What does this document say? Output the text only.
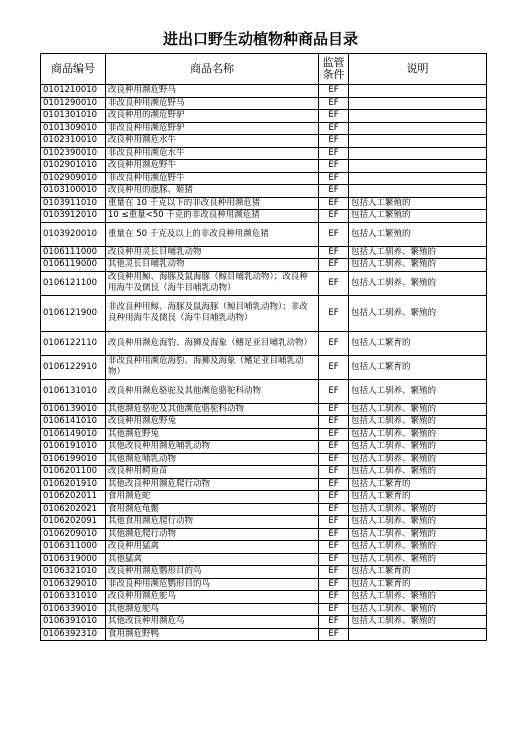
进出口野生动植物种商品目录
商品编号	商品名称	监管条件	说明
0101210010	改良种用濒危野马	EF	
0101290010	非改良种用濒危野马	EF	
0101301010	改良种用的濒危野驴	EF	
0101309010	非改良种用濒危野驴	EF	
0102310010	改良种用濒危水牛	EF	
0102390010	非改良种用濒危水牛	EF	
0102901010	改良种用濒危野牛	EF	
0102909010	非改良种用濒危野牛	EF	
0103100010	改良种用的鹿豚、姬猪	EF	
0103911010	重量在 10 千克以下的非改良种用濒危猪	EF	包括人工繁殖的
0103912010	10 ≤重量<50 千克的非改良种用濒危猪	EF	包括人工繁殖的
0103920010	重量在 50 千克及以上的非改良种用濒危猪	EF	包括人工繁殖的
0106111000	改良种用灵长目哺乳动物	EF	包括人工驯养、繁殖的
0106119000	其他灵长目哺乳动物	EF	包括人工驯养、繁殖的
0106121100	改良种用鲸、海豚及鼠海豚（鲸目哺乳动物）；改良种用海牛及儒艮（海牛目哺乳动物）	EF	包括人工驯养、繁殖的
0106121900	非改良种用鲸、海豚及鼠海豚（鲸目哺乳动物）；非改良种用海牛及儒艮（海牛目哺乳动物）	EF	包括人工驯养、繁殖的
0106122110	改良种用濒危海豹、海狮及海象（鳍足亚目哺乳动物）	EF	包括人工繁育的
0106122910	非改良种用濒危海豹、海狮及海象（鳍足亚目哺乳动物）	EF	包括人工繁育的
0106131010	改良种用濒危骆驼及其他濒危骆驼科动物	EF	包括人工驯养、繁殖的
0106139010	其他濒危骆驼及其他濒危骆驼科动物	EF	包括人工驯养、繁殖的
0106141010	改良种用濒危野兔	EF	包括人工驯养、繁殖的
0106149010	其他濒危野兔	EF	包括人工驯养、繁殖的
0106191010	其他改良种用濒危哺乳动物	EF	包括人工驯养、繁殖的
0106199010	其他濒危哺乳动物	EF	包括人工驯养、繁殖的
0106201100	改良种用鳄鱼苗	EF	包括人工驯养、繁殖的
0106201910	其他改良种用濒危爬行动物	EF	包括人工繁育的
0106202011	食用濒危蛇	EF	包括人工繁育的
0106202021	食用濒危龟鳖	EF	包括人工驯养、繁殖的
0106202091	其他食用濒危爬行动物	EF	包括人工驯养、繁殖的
0106209010	其他濒危爬行动物	EF	包括人工驯养、繁殖的
0106311000	改良种用猛禽	EF	包括人工驯养、繁殖的
0106319000	其他猛禽	EF	包括人工驯养、繁殖的
0106321010	改良种用濒危鹦形目的鸟	EF	包括人工繁育的
0106329010	非改良种用濒危鹦形目的鸟	EF	包括人工繁育的
0106331010	改良种用濒危鸵鸟	EF	包括人工驯养、繁殖的
0106339010	其他濒危鸵鸟	EF	包括人工驯养、繁殖的
0106391010	其他改良种用濒危鸟	EF	包括人工驯养、繁殖的
0106392310	食用濒危野鸭	EF	
